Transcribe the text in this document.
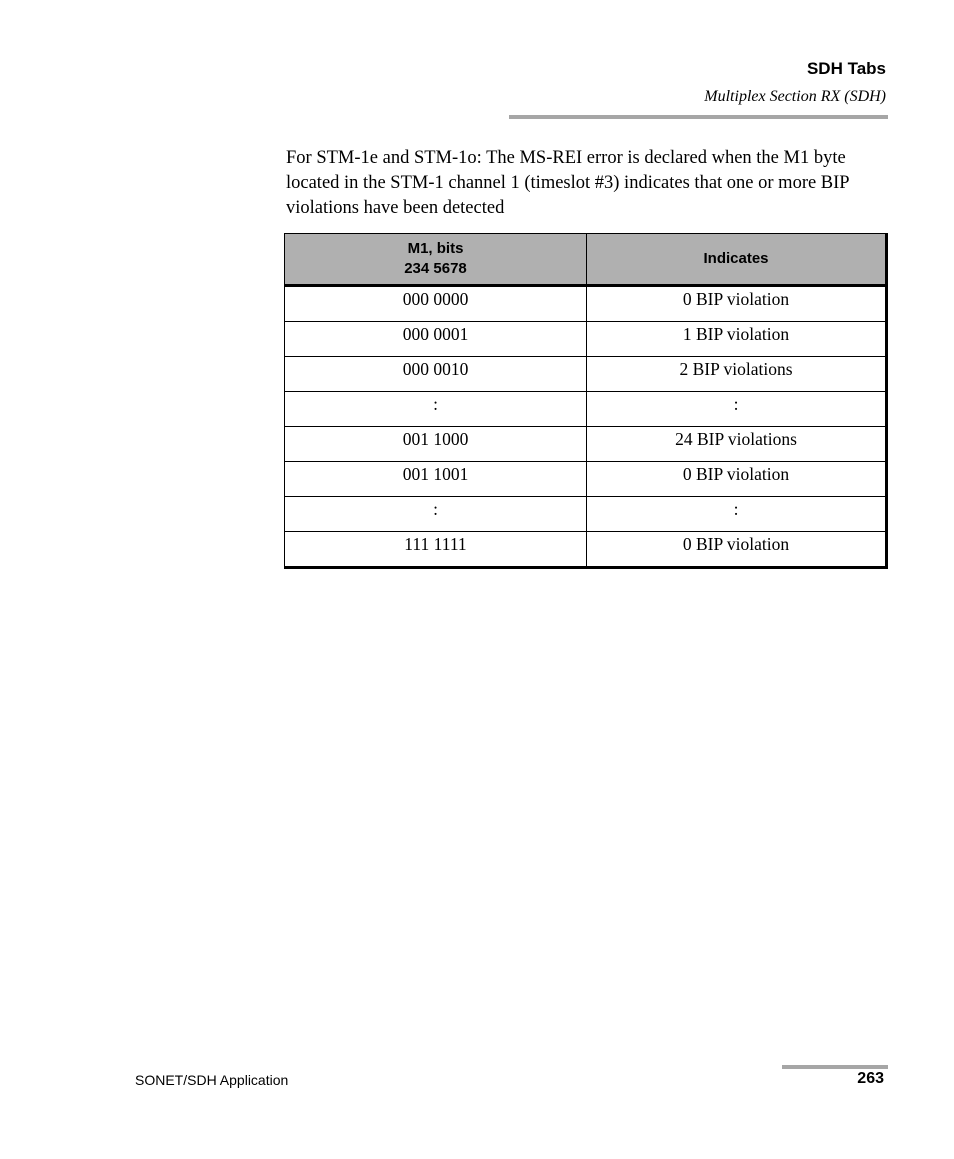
SDH Tabs
Multiplex Section RX (SDH)

For STM-1e and STM-1o: The MS-REI error is declared when the M1 byte located in the STM-1 channel 1 (timeslot #3) indicates that one or more BIP violations have been detected

M1, bits
234 5678	Indicates
000 0000	0 BIP violation
000 0001	1 BIP violation
000 0010	2 BIP violations
:	:
001 1000	24 BIP violations
001 1001	0 BIP violation
:	:
111 1111	0 BIP violation
SONET/SDH Application	263
